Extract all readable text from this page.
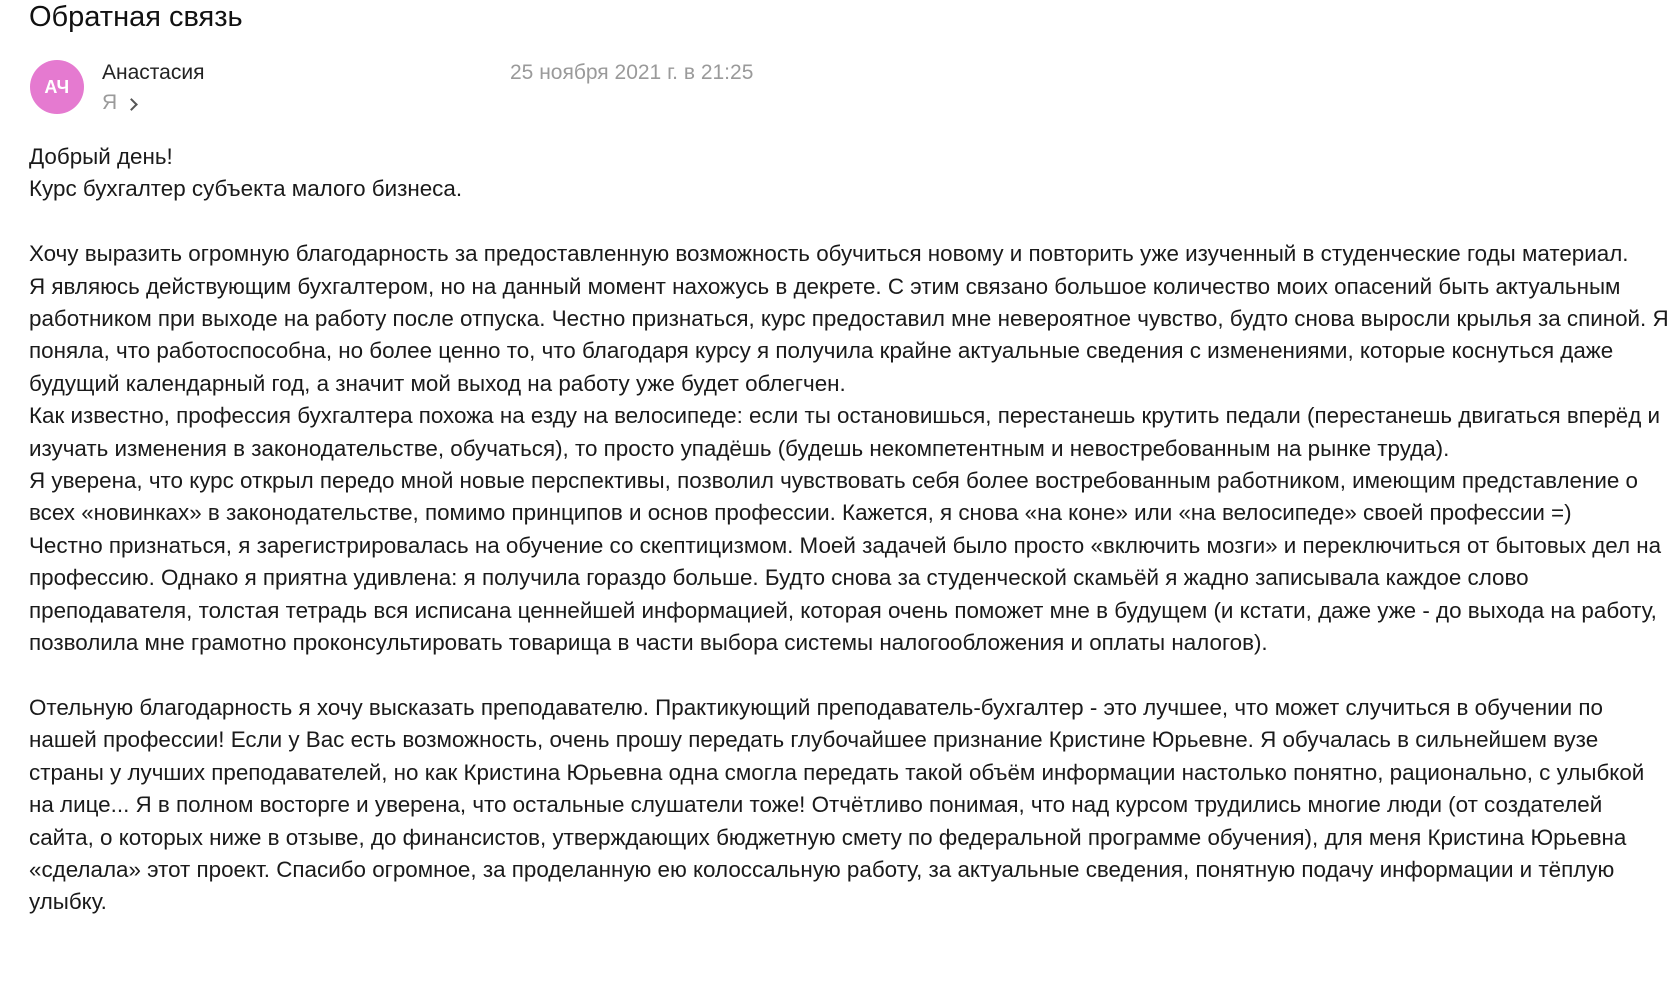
Обратная связь
АЧ
Анастасия
Я
25 ноября 2021 г. в 21:25

Добрый день!

Курс бухгалтер субъекта малого бизнеса.

Хочу выразить огромную благодарность за предоставленную возможность обучиться новому и повторить уже изученный в студенческие годы материал.

Я являюсь действующим бухгалтером, но на данный момент нахожусь в декрете. С этим связано большое количество моих опасений быть актуальным работником при выходе на работу после отпуска. Честно признаться, курс предоставил мне невероятное чувство, будто снова выросли крылья за спиной. Я поняла, что работоспособна, но более ценно то, что благодаря курсу я получила крайне актуальные сведения с изменениями, которые коснуться даже будущий календарный год, а значит мой выход на работу уже будет облегчен.

Как известно, профессия бухгалтера похожа на езду на велосипеде: если ты остановишься, перестанешь крутить педали (перестанешь двигаться вперёд и изучать изменения в законодательстве, обучаться), то просто упадёшь (будешь некомпетентным и невостребованным на рынке труда).

Я уверена, что курс открыл передо мной новые перспективы, позволил чувствовать себя более востребованным работником, имеющим представление о всех «новинках» в законодательстве, помимо принципов и основ профессии. Кажется, я снова «на коне» или «на велосипеде» своей профессии =)

Честно признаться, я зарегистрировалась на обучение со скептицизмом. Моей задачей было просто «включить мозги» и переключиться от бытовых дел на профессию. Однако я приятна удивлена: я получила гораздо больше. Будто снова за студенческой скамьёй я жадно записывала каждое слово преподавателя, толстая тетрадь вся исписана ценнейшей информацией, которая очень поможет мне в будущем (и кстати, даже уже - до выхода на работу, позволила мне грамотно проконсультировать товарища в части выбора системы налогообложения и оплаты налогов).

Отельную благодарность я хочу высказать преподавателю. Практикующий преподаватель-бухгалтер - это лучшее, что может случиться в обучении по нашей профессии! Если у Вас есть возможность, очень прошу передать глубочайшее признание Кристине Юрьевне. Я обучалась в сильнейшем вузе страны у лучших преподавателей, но как Кристина Юрьевна одна смогла передать такой объём информации настолько понятно, рационально, с улыбкой на лице... Я в полном восторге и уверена, что остальные слушатели тоже! Отчётливо понимая, что над курсом трудились многие люди (от создателей сайта, о которых ниже в отзыве, до финансистов, утверждающих бюджетную смету по федеральной программе обучения), для меня Кристина Юрьевна «сделала» этот проект. Спасибо огромное, за проделанную ею колоссальную работу, за актуальные сведения, понятную подачу информации и тёплую улыбку.
